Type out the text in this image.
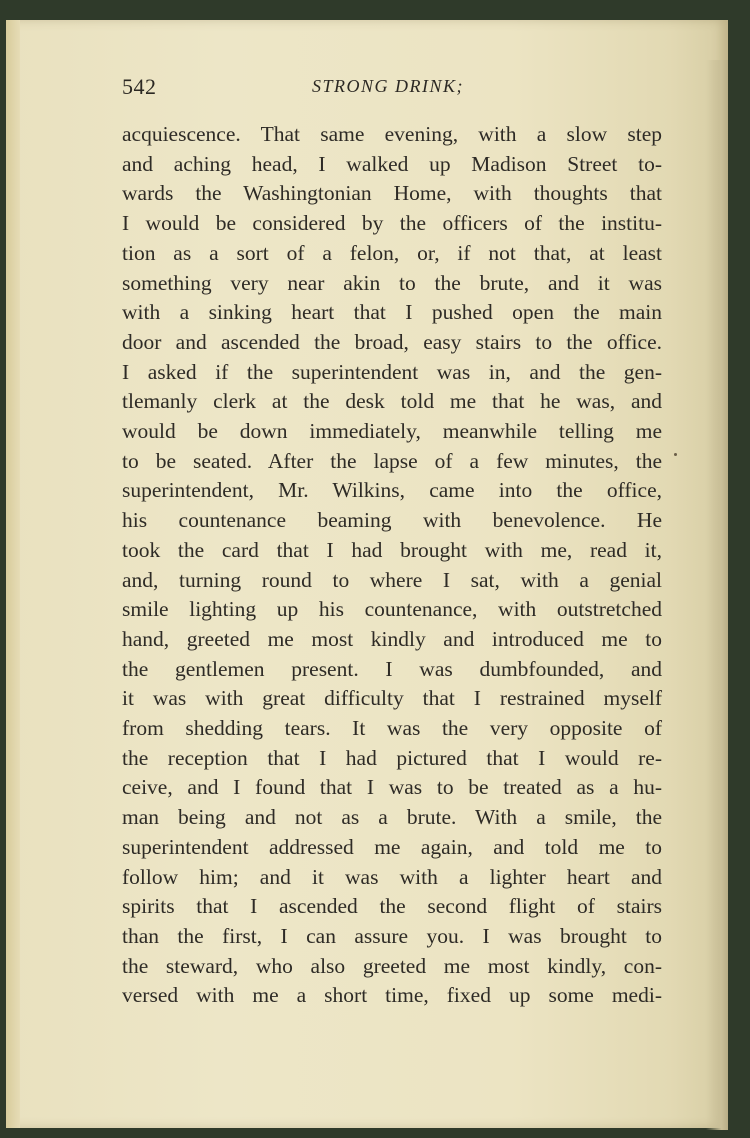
542	STRONG DRINK;
acquiescence. That same evening, with a slow step
and aching head, I walked up Madison Street to-
wards the Washingtonian Home, with thoughts that
I would be considered by the officers of the institu-
tion as a sort of a felon, or, if not that, at least
something very near akin to the brute, and it was
with a sinking heart that I pushed open the main
door and ascended the broad, easy stairs to the office.
I asked if the superintendent was in, and the gen-
tlemanly clerk at the desk told me that he was, and
would be down immediately, meanwhile telling me
to be seated. After the lapse of a few minutes, the
superintendent, Mr. Wilkins, came into the office,
his countenance beaming with benevolence. He
took the card that I had brought with me, read it,
and, turning round to where I sat, with a genial
smile lighting up his countenance, with outstretched
hand, greeted me most kindly and introduced me to
the gentlemen present. I was dumbfounded, and
it was with great difficulty that I restrained myself
from shedding tears. It was the very opposite of
the reception that I had pictured that I would re-
ceive, and I found that I was to be treated as a hu-
man being and not as a brute. With a smile, the
superintendent addressed me again, and told me to
follow him; and it was with a lighter heart and
spirits that I ascended the second flight of stairs
than the first, I can assure you. I was brought to
the steward, who also greeted me most kindly, con-
versed with me a short time, fixed up some medi-
